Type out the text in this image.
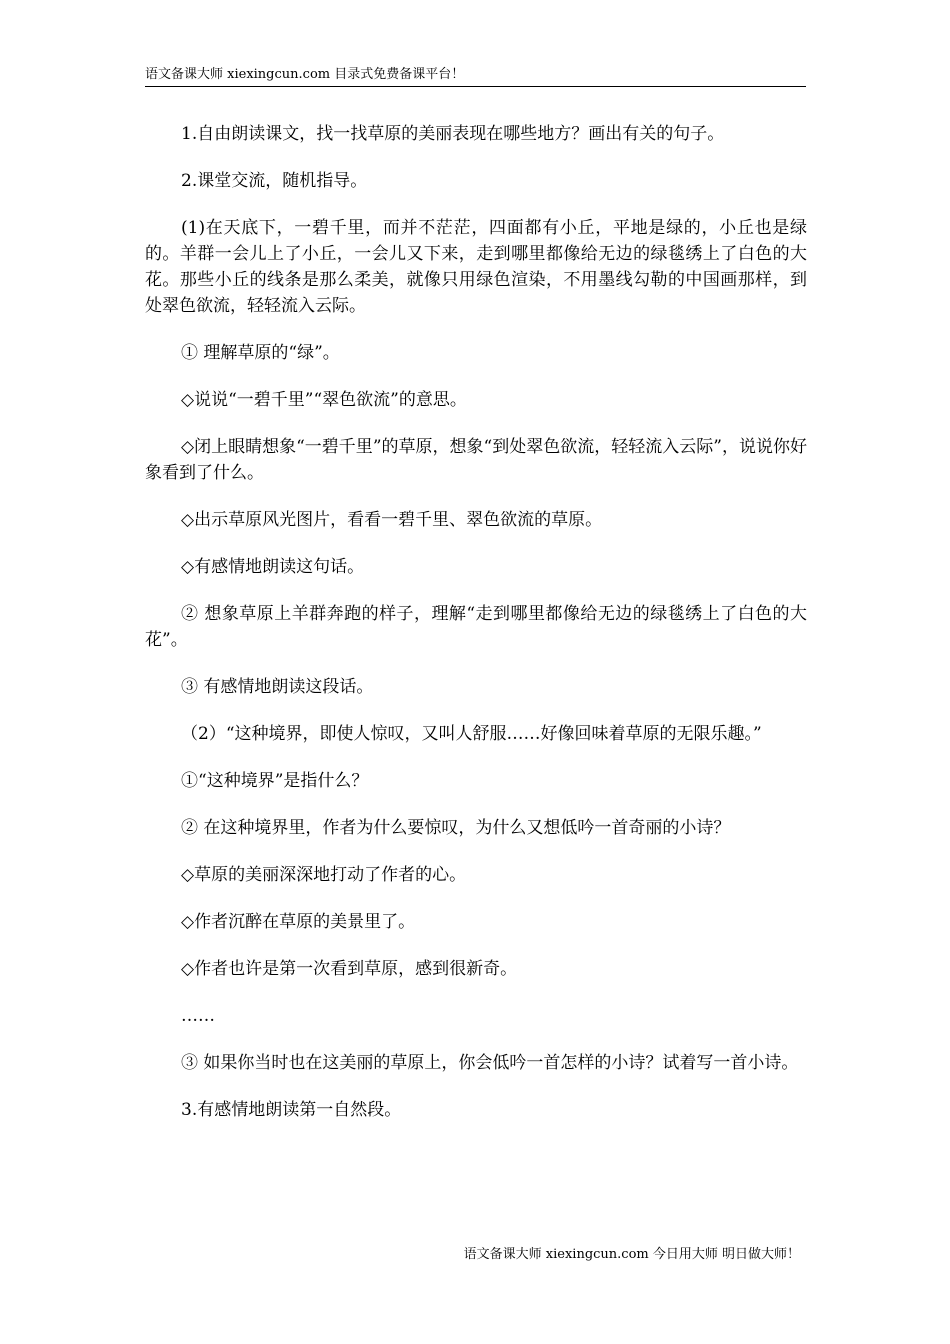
语文备课大师 xiexingcun.com 目录式免费备课平台！

1.自由朗读课文，找一找草原的美丽表现在哪些地方？画出有关的句子。

2.课堂交流，随机指导。

(1)在天底下，一碧千里，而并不茫茫，四面都有小丘，平地是绿的，小丘也是绿的。羊群一会儿上了小丘，一会儿又下来，走到哪里都像给无边的绿毯绣上了白色的大花。那些小丘的线条是那么柔美，就像只用绿色渲染，不用墨线勾勒的中国画那样，到处翠色欲流，轻轻流入云际。

① 理解草原的“绿”。

◇说说“一碧千里”“翠色欲流”的意思。

◇闭上眼睛想象“一碧千里”的草原，想象“到处翠色欲流，轻轻流入云际”，说说你好象看到了什么。

◇出示草原风光图片，看看一碧千里、翠色欲流的草原。

◇有感情地朗读这句话。

② 想象草原上羊群奔跑的样子，理解“走到哪里都像给无边的绿毯绣上了白色的大花”。

③ 有感情地朗读这段话。

（2）“这种境界，即使人惊叹，又叫人舒服……好像回味着草原的无限乐趣。”

①“这种境界”是指什么？

② 在这种境界里，作者为什么要惊叹，为什么又想低吟一首奇丽的小诗？

◇草原的美丽深深地打动了作者的心。

◇作者沉醉在草原的美景里了。

◇作者也许是第一次看到草原，感到很新奇。

……

③ 如果你当时也在这美丽的草原上，你会低吟一首怎样的小诗？试着写一首小诗。

3.有感情地朗读第一自然段。

语文备课大师 xiexingcun.com 今日用大师 明日做大师！
